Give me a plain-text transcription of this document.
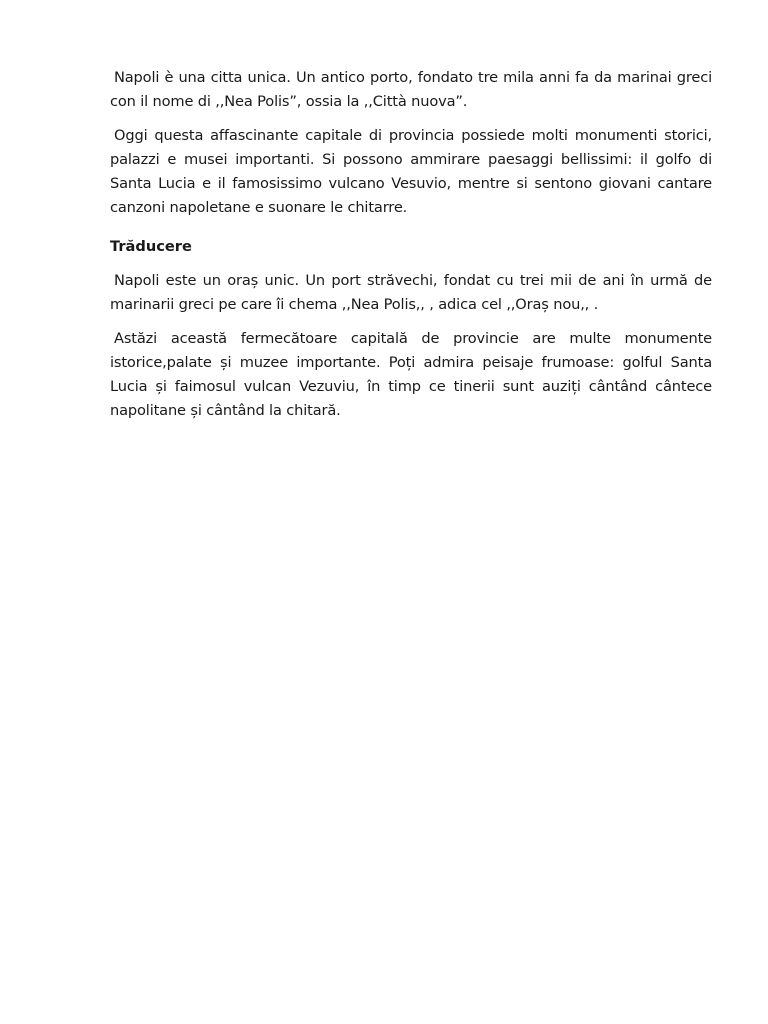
Napoli è una citta unica. Un antico porto, fondato tre mila anni fa da marinai greci con il nome di ,,Nea Polis”, ossia la ,,Città nuova”.

Oggi questa affascinante capitale di provincia possiede molti monumenti storici, palazzi e musei importanti. Si possono ammirare paesaggi bellissimi: il golfo di Santa Lucia e il famosissimo vulcano Vesuvio, mentre si sentono giovani cantare canzoni napoletane e suonare le chitarre.

Trăducere

Napoli este un oraș unic. Un port străvechi, fondat cu trei mii de ani în urmă de marinarii greci pe care îi chema ,,Nea Polis,, , adica cel ,,Oraș nou,, .

Astăzi această fermecătoare capitală de provincie are multe monumente istorice,palate și muzee importante. Poți admira peisaje frumoase: golful Santa Lucia și faimosul vulcan Vezuviu, în timp ce tinerii sunt auziți cântând cântece napolitane și cântând la chitară.
